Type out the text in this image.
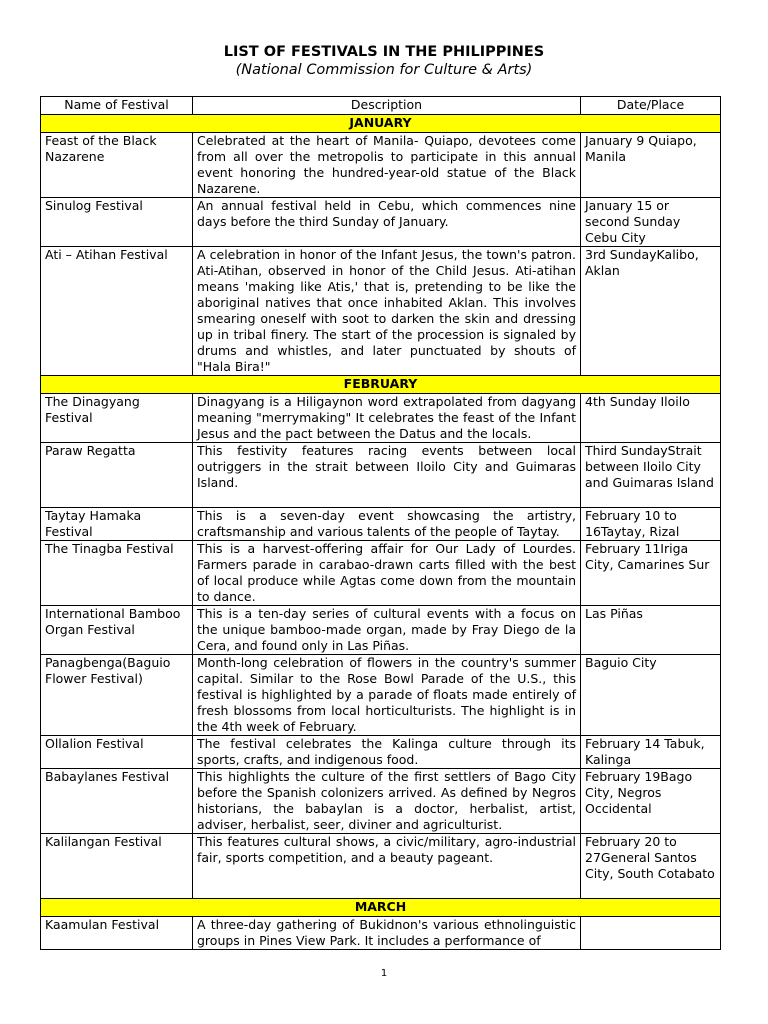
LIST OF FESTIVALS IN THE PHILIPPINES
(National Commission for Culture & Arts)
Name of Festival	Description	Date/Place
JANUARY		
Feast of the Black Nazarene	Celebrated at the heart of Manila- Quiapo, devotees come from all over the metropolis to participate in this annual event honoring the hundred-year-old statue of the Black Nazarene.	January 9 Quiapo, Manila
Sinulog Festival	An annual festival held in Cebu, which commences nine days before the third Sunday of January.	January 15 or second Sunday Cebu City
Ati – Atihan Festival	A celebration in honor of the Infant Jesus, the town's patron. Ati-Atihan, observed in honor of the Child Jesus. Ati-atihan means 'making like Atis,' that is, pretending to be like the aboriginal natives that once inhabited Aklan. This involves smearing oneself with soot to darken the skin and dressing up in tribal finery. The start of the procession is signaled by drums and whistles, and later punctuated by shouts of "Hala Bira!"	3rd SundayKalibo, Aklan
FEBRUARY		
The Dinagyang Festival	Dinagyang is a Hiligaynon word extrapolated from dagyang meaning "merrymaking" It celebrates the feast of the Infant Jesus and the pact between the Datus and the locals.	4th Sunday Iloilo
Paraw Regatta	This festivity features racing events between local outriggers in the strait between Iloilo City and Guimaras Island.	Third SundayStrait between Iloilo City and Guimaras Island
Taytay Hamaka Festival	This is a seven-day event showcasing the artistry, craftsmanship and various talents of the people of Taytay.	February 10 to 16Taytay, Rizal
The Tinagba Festival	This is a harvest-offering affair for Our Lady of Lourdes. Farmers parade in carabao-drawn carts filled with the best of local produce while Agtas come down from the mountain to dance.	February 11Iriga City, Camarines Sur
International Bamboo Organ Festival	This is a ten-day series of cultural events with a focus on the unique bamboo-made organ, made by Fray Diego de la Cera, and found only in Las Piñas.	Las Piñas
Panagbenga(Baguio Flower Festival)	Month-long celebration of flowers in the country's summer capital. Similar to the Rose Bowl Parade of the U.S., this festival is highlighted by a parade of floats made entirely of fresh blossoms from local horticulturists. The highlight is in the 4th week of February.	Baguio City
Ollalion Festival	The festival celebrates the Kalinga culture through its sports, crafts, and indigenous food.	February 14 Tabuk, Kalinga
Babaylanes Festival	This highlights the culture of the first settlers of Bago City before the Spanish colonizers arrived. As defined by Negros historians, the babaylan is a doctor, herbalist, artist, adviser, herbalist, seer, diviner and agriculturist.	February 19Bago City, Negros Occidental
Kalilangan Festival	This features cultural shows, a civic/military, agro-industrial fair, sports competition, and a beauty pageant.	February 20 to 27General Santos City, South Cotabato
MARCH		
Kaamulan Festival	A three-day gathering of Bukidnon's various ethnolinguistic groups in Pines View Park. It includes a performance of	
1
